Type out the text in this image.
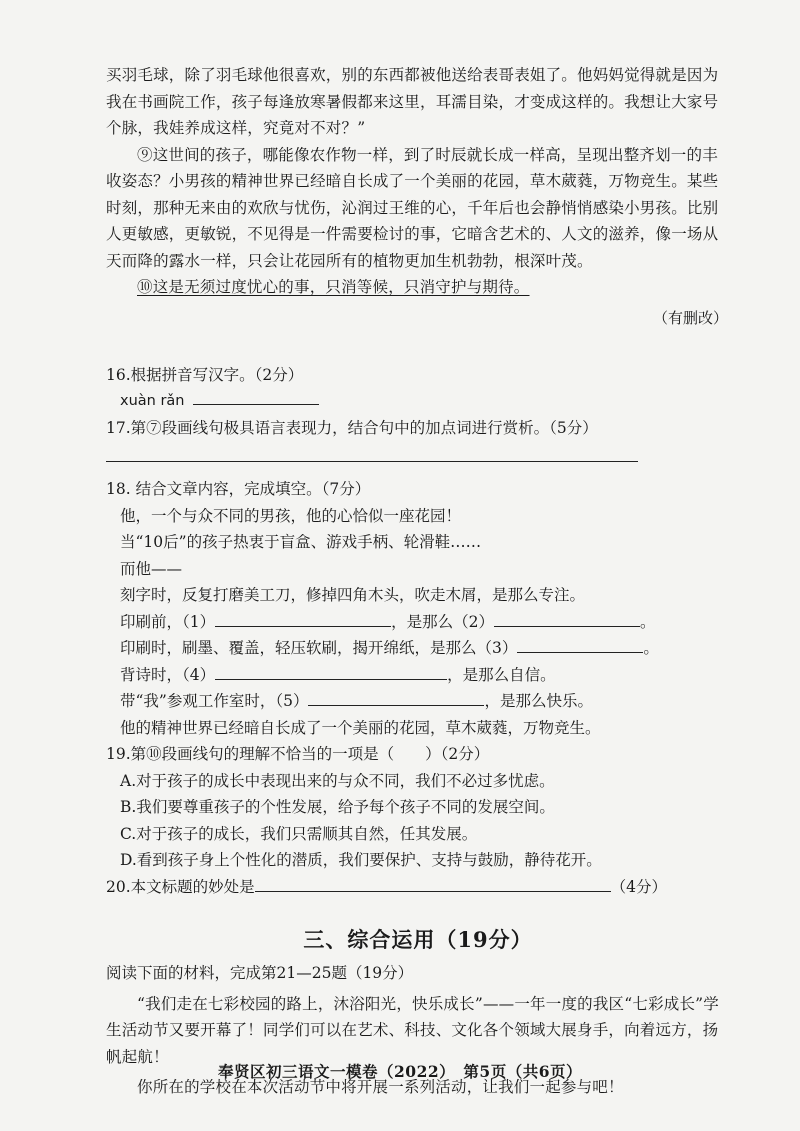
买羽毛球，除了羽毛球他很喜欢，别的东西都被他送给表哥表姐了。他妈妈觉得就是因为我在书画院工作，孩子每逢放寒暑假都来这里，耳濡目染，才变成这样的。我想让大家号个脉，我娃养成这样，究竟对不对？”

⑨这世间的孩子，哪能像农作物一样，到了时辰就长成一样高，呈现出整齐划一的丰收姿态？小男孩的精神世界已经暗自长成了一个美丽的花园，草木葳蕤，万物竞生。某些时刻，那种无来由的欢欣与忧伤，沁润过王维的心，千年后也会静悄悄感染小男孩。比别人更敏感，更敏锐，不见得是一件需要检讨的事，它暗含艺术的、人文的滋养，像一场从天而降的露水一样，只会让花园所有的植物更加生机勃勃，根深叶茂。

⑩这是无须过度忧心的事，只消等候，只消守护与期待。

（有删改）

16.根据拼音写汉字。（2分）

xuàn rǎn

17.第⑦段画线句极具语言表现力，结合句中的加点词进行赏析。（5分）

18. 结合文章内容，完成填空。（7分）

他，一个与众不同的男孩，他的心恰似一座花园！

当“10后”的孩子热衷于盲盒、游戏手柄、轮滑鞋……

而他——

刻字时，反复打磨美工刀，修掉四角木头，吹走木屑，是那么专注。

印刷前，（1）	，是那么（2）	。

印刷时，刷墨、覆盖，轻压软刷，揭开绵纸，是那么（3）	。

背诗时，（4）	，是那么自信。

带“我”参观工作室时，（5）	，是那么快乐。

他的精神世界已经暗自长成了一个美丽的花园，草木葳蕤，万物竞生。

19.第⑩段画线句的理解不恰当的一项是（　　）（2分）

A.对于孩子的成长中表现出来的与众不同，我们不必过多忧虑。

B.我们要尊重孩子的个性发展，给予每个孩子不同的发展空间。

C.对于孩子的成长，我们只需顺其自然，任其发展。

D.看到孩子身上个性化的潜质，我们要保护、支持与鼓励，静待花开。

20.本文标题的妙处是	（4分）

三、综合运用（19分）

阅读下面的材料，完成第21—25题（19分）

“我们走在七彩校园的路上，沐浴阳光，快乐成长”——一年一度的我区“七彩成长”学生活动节又要开幕了！同学们可以在艺术、科技、文化各个领域大展身手，向着远方，扬帆起航！

你所在的学校在本次活动节中将开展一系列活动，让我们一起参与吧！

奉贤区初三语文一模卷（2022）　第5页（共6页）
